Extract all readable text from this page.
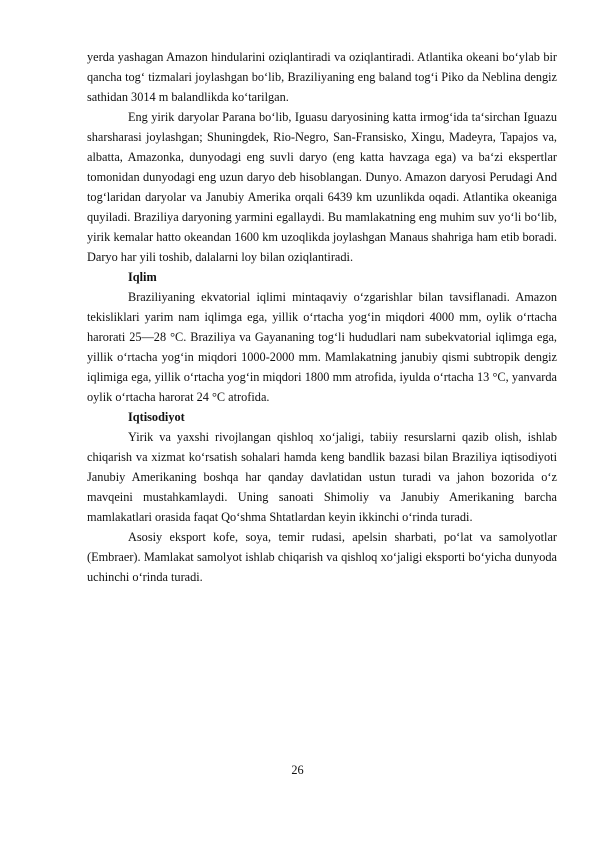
yerda yashagan Amazon hindularini oziqlantiradi va oziqlantiradi. Atlantika okeani boʻylab bir qancha togʻ tizmalari joylashgan boʻlib, Braziliyaning eng baland togʻi Piko da Neblina dengiz sathidan 3014 m balandlikda koʻtarilgan.

Eng yirik daryolar Parana boʻlib, Iguasu daryosining katta irmogʻida taʻsirchan Iguazu sharsharasi joylashgan; Shuningdek, Rio-Negro, San-Fransisko, Xingu, Madeyra, Tapajos va, albatta, Amazonka, dunyodagi eng suvli daryo (eng katta havzaga ega) va baʻzi ekspertlar tomonidan dunyodagi eng uzun daryo deb hisoblangan. Dunyo. Amazon daryosi Perudagi And togʻlaridan daryolar va Janubiy Amerika orqali 6439 km uzunlikda oqadi. Atlantika okeaniga quyiladi. Braziliya daryoning yarmini egallaydi. Bu mamlakatning eng muhim suv yoʻli boʻlib, yirik kemalar hatto okeandan 1600 km uzoqlikda joylashgan Manaus shahriga ham etib boradi. Daryo har yili toshib, dalalarni loy bilan oziqlantiradi.

Iqlim

Braziliyaning ekvatorial iqlimi mintaqaviy oʻzgarishlar bilan tavsiflanadi. Amazon tekisliklari yarim nam iqlimga ega, yillik oʻrtacha yogʻin miqdori 4000 mm, oylik oʻrtacha harorati 25—28 °C. Braziliya va Gayananing togʻli hududlari nam subekvatorial iqlimga ega, yillik oʻrtacha yogʻin miqdori 1000-2000 mm. Mamlakatning janubiy qismi subtropik dengiz iqlimiga ega, yillik oʻrtacha yogʻin miqdori 1800 mm atrofida, iyulda oʻrtacha 13 °C, yanvarda oylik oʻrtacha harorat 24 °C atrofida.

Iqtisodiyot

Yirik va yaxshi rivojlangan qishloq xoʻjaligi, tabiiy resurslarni qazib olish, ishlab chiqarish va xizmat koʻrsatish sohalari hamda keng bandlik bazasi bilan Braziliya iqtisodiyoti Janubiy Amerikaning boshqa har qanday davlatidan ustun turadi va jahon bozorida oʻz mavqeini mustahkamlaydi. Uning sanoati Shimoliy va Janubiy Amerikaning barcha mamlakatlari orasida faqat Qoʻshma Shtatlardan keyin ikkinchi oʻrinda turadi.

Asosiy eksport kofe, soya, temir rudasi, apelsin sharbati, poʻlat va samolyotlar (Embraer). Mamlakat samolyot ishlab chiqarish va qishloq xoʻjaligi eksporti boʻyicha dunyoda uchinchi oʻrinda turadi.

26
